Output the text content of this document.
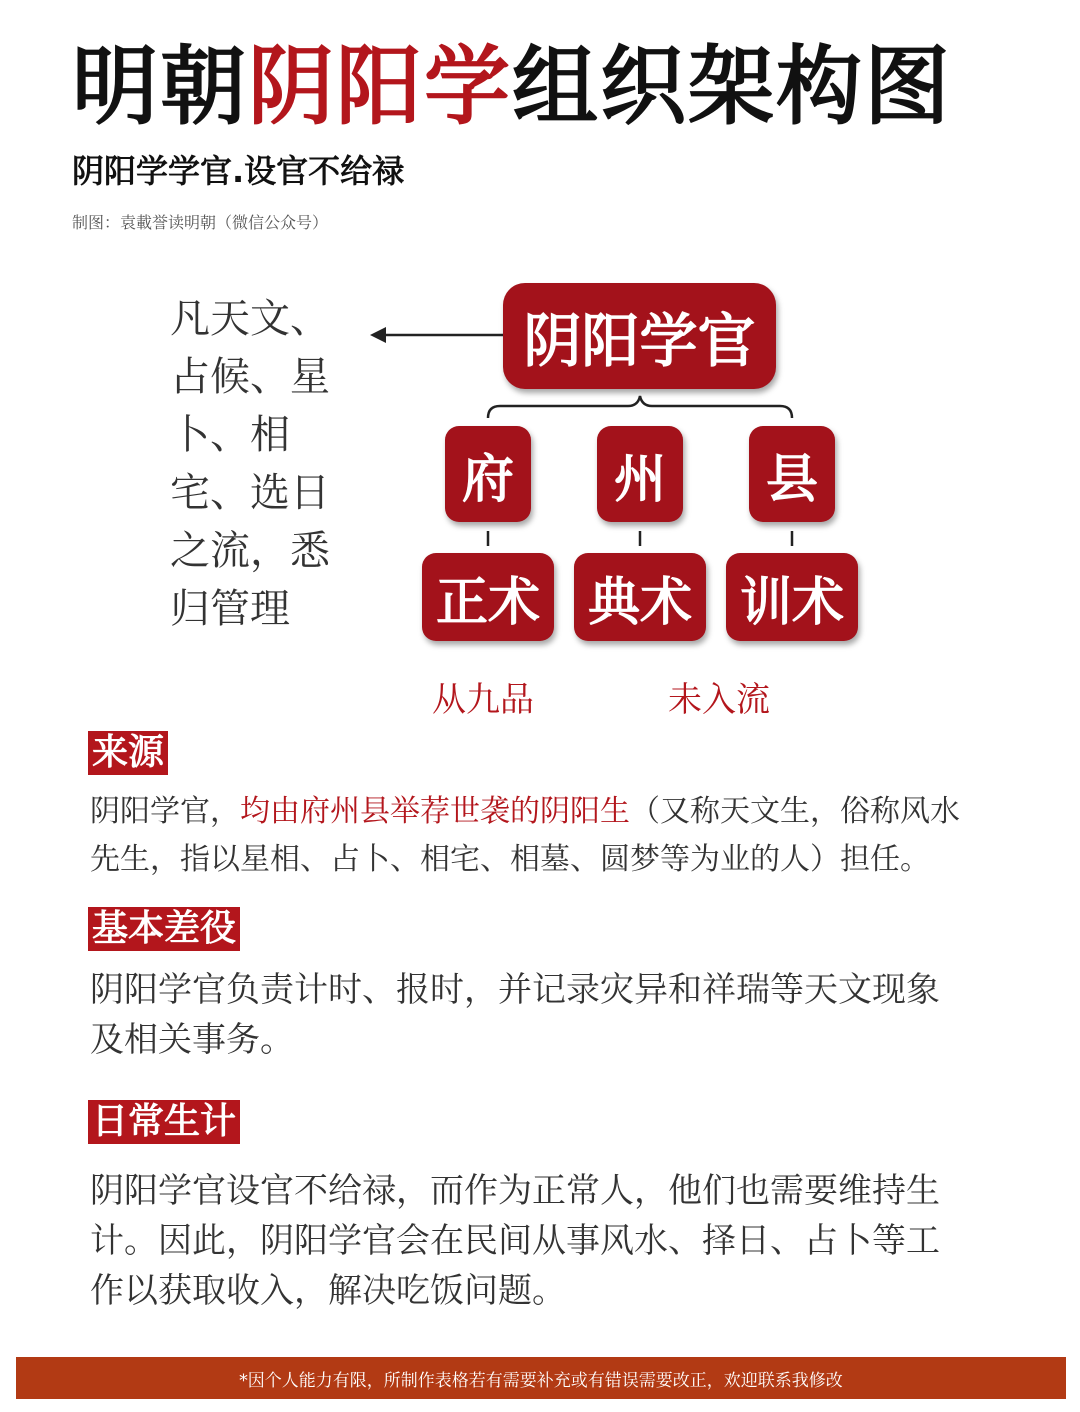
明朝阴阳学组织架构图
阴阳学学官.设官不给禄
制图：袁載誉读明朝（微信公众号）
凡天文、
占候、星
卜、相
宅、选日
之流，悉
归管理
阴阳学官
府	州	县
正术 典术 训术
从九品	未入流
来源
阴阳学官，均由府州县举荐世袭的阴阳生（又称天文生，俗称风水
先生，指以星相、占卜、相宅、相墓、圆梦等为业的人）担任。
基本差役
阴阳学官负责计时、报时，并记录灾异和祥瑞等天文现象
及相关事务。
日常生计
阴阳学官设官不给禄，而作为正常人，他们也需要维持生
计。因此，阴阳学官会在民间从事风水、择日、占卜等工
作以获取收入，解决吃饭问题。
*因个人能力有限，所制作表格若有需要补充或有错误需要改正，欢迎联系我修改
